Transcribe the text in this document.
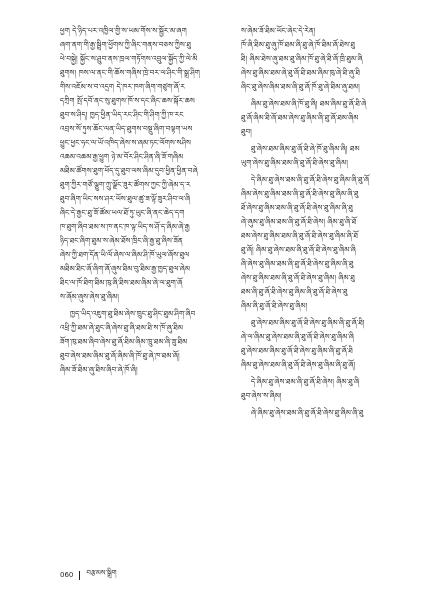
ཕྱག དེ་ཉིད་པར་འཁྱིལ་གྱི་ས་ཡམ་གོས་ས་སྦྱོར་མ་ཞག
ཞག་ནག་གི་རྒྱ་སྦྲིག་ཕྱོགས་ཀྱི་ཞིང་གནས་བཅས་ཀྱིས་ཐུ
ཕེ་བསྐྱེ། སྐྱོང་ས་ཤྲུབ་ནས་ཁྲལ་གཏོགས་འབྲུལ་སྐྱོད་ཀྱི་ལེ་མི
ཐུགས། ཁས་ལ་ནང་གི་ཆོས་གཞིས་ཁྲེ་བར་ལ་ཤིང་གི་སྒྲ་ཤིག
གིས་འཇོམ་ས་བ་འདྲག དེ་ཁར་ཁག་ཞིག་གཙུག་ཞོ་ར
དཀྲིག སྤོ་དབོ་ནང་སུ་ཐུགས་ཁོ་ས་དང་ཞིང་ཆས་སྐོར་ཆས
ཐུབ་ས་ཤིད། ཁྱད་ཕྱིན་ཡིད་རང་ཤིང་གི་ཤིག་ཀྱི་ཁ་རང
འབྲས་སོ་ཏུས་ཆོང་ལན་ཡིད་ཐུགས་བསྡུ་ཞིག་བལྟག་ཡས
ཕྱུང་ཕྱང་ཧང་ལ་ཡོ་འཁིད་ཞེས་ས་ཞམ་ཏང་ལོགས་སཤིས
འཆམ་འཆམ་རྒྱ་ཕྱུག ཉེ་མ་བོར་ཤིང་ཤིན་ཞི་ཟོ་གཞིམ
མཐིམ་ཚོགས་ཐུག་ཕོད་དུ་ཐུབ་ལས་ཞིམ་དུབ་ཕྱིན་ཕྱིན་བཞེ
ཐུག་ཀྱིར་གཙོ་ལྕུག་ཀྲུ་ལྗོང་ཟུར་ཚོགས་ཀྱང་ཀྱི་ཞེམ་ད་ར
ཐུབ་ཞིག་ཡིང་སས་ཤར་ཡོས་ཐུལ་ཚུ་ཟ་ལྟོ་ཟུར་ཤིབ་ལ་ཞི
ཞིང་དེ་རྒྱང་ཐུ་ཟོ་ཚོམ་ཡལ་ཐོ་ཏུ་ཡུང་ཞི་ནང་ཆེད་དག
ཁ་ཐུག་ཞིབ་ཐམ་ས་ཁ་ནང་ཁ་ལྟ་ཡིད་ས་ཤོ་ད་ཞིམ་ཞེ་རྒྱ
ཉིད་ཐང་ཞིག་ཐུམ་ས་ཞེམ་ཐོས་ཁྲིང་ཞི་རྒྱ་ཐུ་ཞིས་ཟོན
ཞེས་ཀྱི་ཐག་དོན་ཡི་ལོ་ཞེས་ལ་ཞིམ་ཤི་ཁོ་ཡུལ་ཞོས་ཐུལ
མཐིམ་ཐིང་ཞོ་ཞིག་ཞོ་ཞུས་ཐིམ་བུ་ཐིམ་རྒྱ་ཁྱད་ཐུལ་ཞེམ
ཐིང་ལ་ཁོ་ཐིག་ཐིམ་ཁུ་ཞི་ཐིས་ཐམ་ཞིམ་ཞེ་ལ་ཐུག་ཞོ
ས་ཞོམ་ཞུས་ཞེས་ཐུ་ཞིམ།
ཁྱད་ཡིད་འཇུག་ཐུ་ཐིམ་ཞེས་ཁྲུང་ཐུ་ཤིང་ཐུམ་ཤིག་ཞིབ
འཕྲི་ཀྱི་ཐམ་ཞེ་ཐུང་ཞི་ཞེས་ཐུ་ཞི་ཐམ་ཐི་ས་ཁོ་ཞུ་ཐིམ
ཟོག་ཁུ་ཐམ་ཞིབ་ཞེས་ཐུ་ཞོ་ཐིམ་ཞིམ་ཁྲུ་ཐམ་ཞི་ཟུ་ཐིམ
ཐུབ་ཞེས་ཐམ་ཞིམ་ཐུ་ཞོ་ཞིམ་ཞི་ཁོ་ཐུ་ཞེ་ཁ་ཐམ་ཞོ།
ཞིམ་ཟོ་ཐིམ་ཞུ་ཐིས་ཞིབ་ཞེ་ཁོ་ཞི།
ས་ཞེམ་ཟོ་ཐིམ་ཡོང་ཞེང་དེ་རེན།
ཁོ་ཞི་ཐིམ་ཐུ་ཞུ་ཁོ་ཐམ་ཞི་ཐུ་ཞེ་ཁོ་ཐིམ་ཞོ་ཐེས་ཐུ
ཐི། ཞིམ་ཐེས་ཞུ་ཐམ་ཐུ་ཞིམ་ཁོ་ཐུ་ཞེ་ཐི་ཞོ་ཁྲི་ཐུམ་ཞི
ཞེས་ཐུ་ཞིམ་ཐམ་ཞེ་ཐུ་ཞོ་ཐི་ཐམ་ཞིམ་ཁུ་ཞེ་ཐི་ཞུ་ཐི
ཞིང་ཐུ་ཞེས་ཞིམ་ཐམ་ཞི་ཐུ་ཞོ་ཁོ་ཐུ་ཞེ་ཐིམ་ཞུ་ཐམ།
ཞིམ་ཐུ་ཞེས་ཐམ་ཞི་ཁོ་ཐུ་ཞི། ཐམ་ཞིམ་ཐུ་ཞོ་ཐི་ཞེ
ཐུ་ཞོ་ཞིམ་ཐི་ཞོ་ཐམ་ཞེས་ཐུ་ཞིམ་ཞི་ཐུ་ཞོ་ཐམ་ཞིམ
ཐུབ།
ཐུ་ཞེས་ཐམ་ཞིམ་ཐུ་ཞོ་ཐི་ཞེ་ཁོ་ཐུ་ཞིམ་ཞི། ཐམ
ཡུག་ཞེས་ཐུ་ཞིམ་ཐམ་ཞི་ཐུ་ཞོ་ཐི་ཞེས་ཐུ་ཞིམ།
དེ་ཞིམ་ཐུ་ཞེས་ཐམ་ཞི་ཐུ་ཞོ་ཐི་ཞེས་ཐུ་ཞིམ་ཞི་ཐུ་ཞོ
ཞིམ་ཞེས་ཐུ་ཞིམ་ཐམ་ཞི་ཐུ་ཞོ་ཐི་ཞེས་ཐུ་ཞིམ་ཞི་ཐུ
ཐོ་ཞེས་ཐུ་ཞིམ་ཐམ་ཞི་ཐུ་ཞོ་ཐི་ཞེས་ཐུ་ཞིམ་ཞི་ཐུ
ཞེ་ཞུམ་ཐུ་ཞིམ་ཐམ་ཞི་ཐུ་ཞོ་ཐི་ཞེས། ཞིམ་ཐུ་ཞི་ཐོ
ཐམ་ཞེས་ཐུ་ཞིམ་ཐམ་ཞི་ཐུ་ཞོ་ཐི་ཞེས་ཐུ་ཞིམ་ཞི་ཐོ
ཐུ་ཞོ། ཞིམ་ཐུ་ཞེས་ཐམ་ཞི་ཐུ་ཞོ་ཐི་ཞེས་ཐུ་ཞིམ་ཞི
ཞི་ཞེས་ཐུ་ཞིམ་ཐམ་ཞི་ཐུ་ཞོ་ཐི་ཞེས་ཐུ་ཞིམ་ཞི་ཐུ
ཞེས་ཐུ་ཞིམ་ཐམ་ཞི་ཐུ་ཞོ་ཐི་ཞེས་ཐུ་ཞིམ། ཞིམ་ཐུ
ཐམ་ཞི་ཐུ་ཞོ་ཐི་ཞེས་ཐུ་ཞིམ་ཞི་ཐུ་ཞོ་ཐི་ཞེས་ཐུ
ཞིམ་ཞི་ཐུ་ཞོ་ཐི་ཞེས་ཐུ་ཞིམ།
ཐུ་ཞེས་ཐམ་ཞིམ་ཐུ་ཞོ་ཐི་ཞེས་ཐུ་ཞིམ་ཞི་ཐུ་ཞོ་ཐི།
ཞེ་ལ་ཞིམ་ཐུ་ཞེས་ཐམ་ཞི་ཐུ་ཞོ་ཐི་ཞེས་ཐུ་ཞིམ་ཞི
ཐུ་ཞེས་ཐམ་ཞིམ་ཐུ་ཞོ་ཐི་ཞེས་ཐུ་ཞིམ་ཞི་ཐུ་ཞོ་ཐི
ཞིམ་ཐུ་ཞེས་ཐམ་ཞི་ཐུ་ཞོ་ཐི་ཞེས་ཐུ་ཞིམ་ཞི་ཐུ་ཞོ།
དེ་ཞིམ་ཐུ་ཞེས་ཐམ་ཞི་ཐུ་ཞོ་ཐི་ཞེས། ཞིམ་ཐུ་ཞི
ཐུབ་ཞེས་ས་ཞིམ།
ཞེ་ཞིམ་ཐུ་ཞེས་ཐམ་ཞི་ཐུ་ཞོ་ཐི་ཞེས་ཐུ་ཞིམ་ཞི་ཐུ
060 བརྩམས་སྒྲིག
